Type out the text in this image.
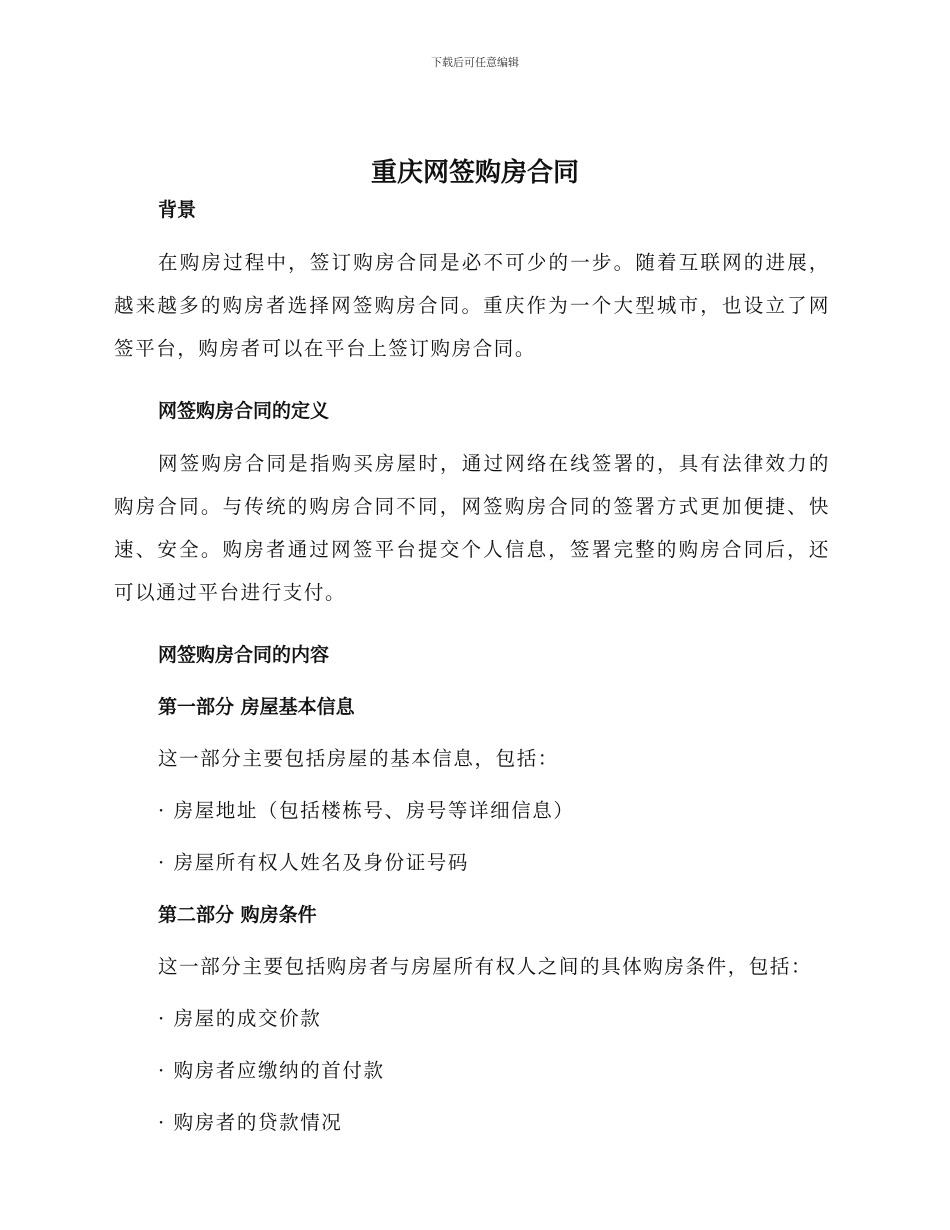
下载后可任意编辑
重庆网签购房合同

背景

在购房过程中，签订购房合同是必不可少的一步。随着互联网的进展，越来越多的购房者选择网签购房合同。重庆作为一个大型城市，也设立了网签平台，购房者可以在平台上签订购房合同。

网签购房合同的定义

网签购房合同是指购买房屋时，通过网络在线签署的，具有法律效力的购房合同。与传统的购房合同不同，网签购房合同的签署方式更加便捷、快速、安全。购房者通过网签平台提交个人信息，签署完整的购房合同后，还可以通过平台进行支付。

网签购房合同的内容

第一部分 房屋基本信息

这一部分主要包括房屋的基本信息，包括：

· 房屋地址（包括楼栋号、房号等详细信息）

· 房屋所有权人姓名及身份证号码

第二部分 购房条件

这一部分主要包括购房者与房屋所有权人之间的具体购房条件，包括：

· 房屋的成交价款

· 购房者应缴纳的首付款

· 购房者的贷款情况
